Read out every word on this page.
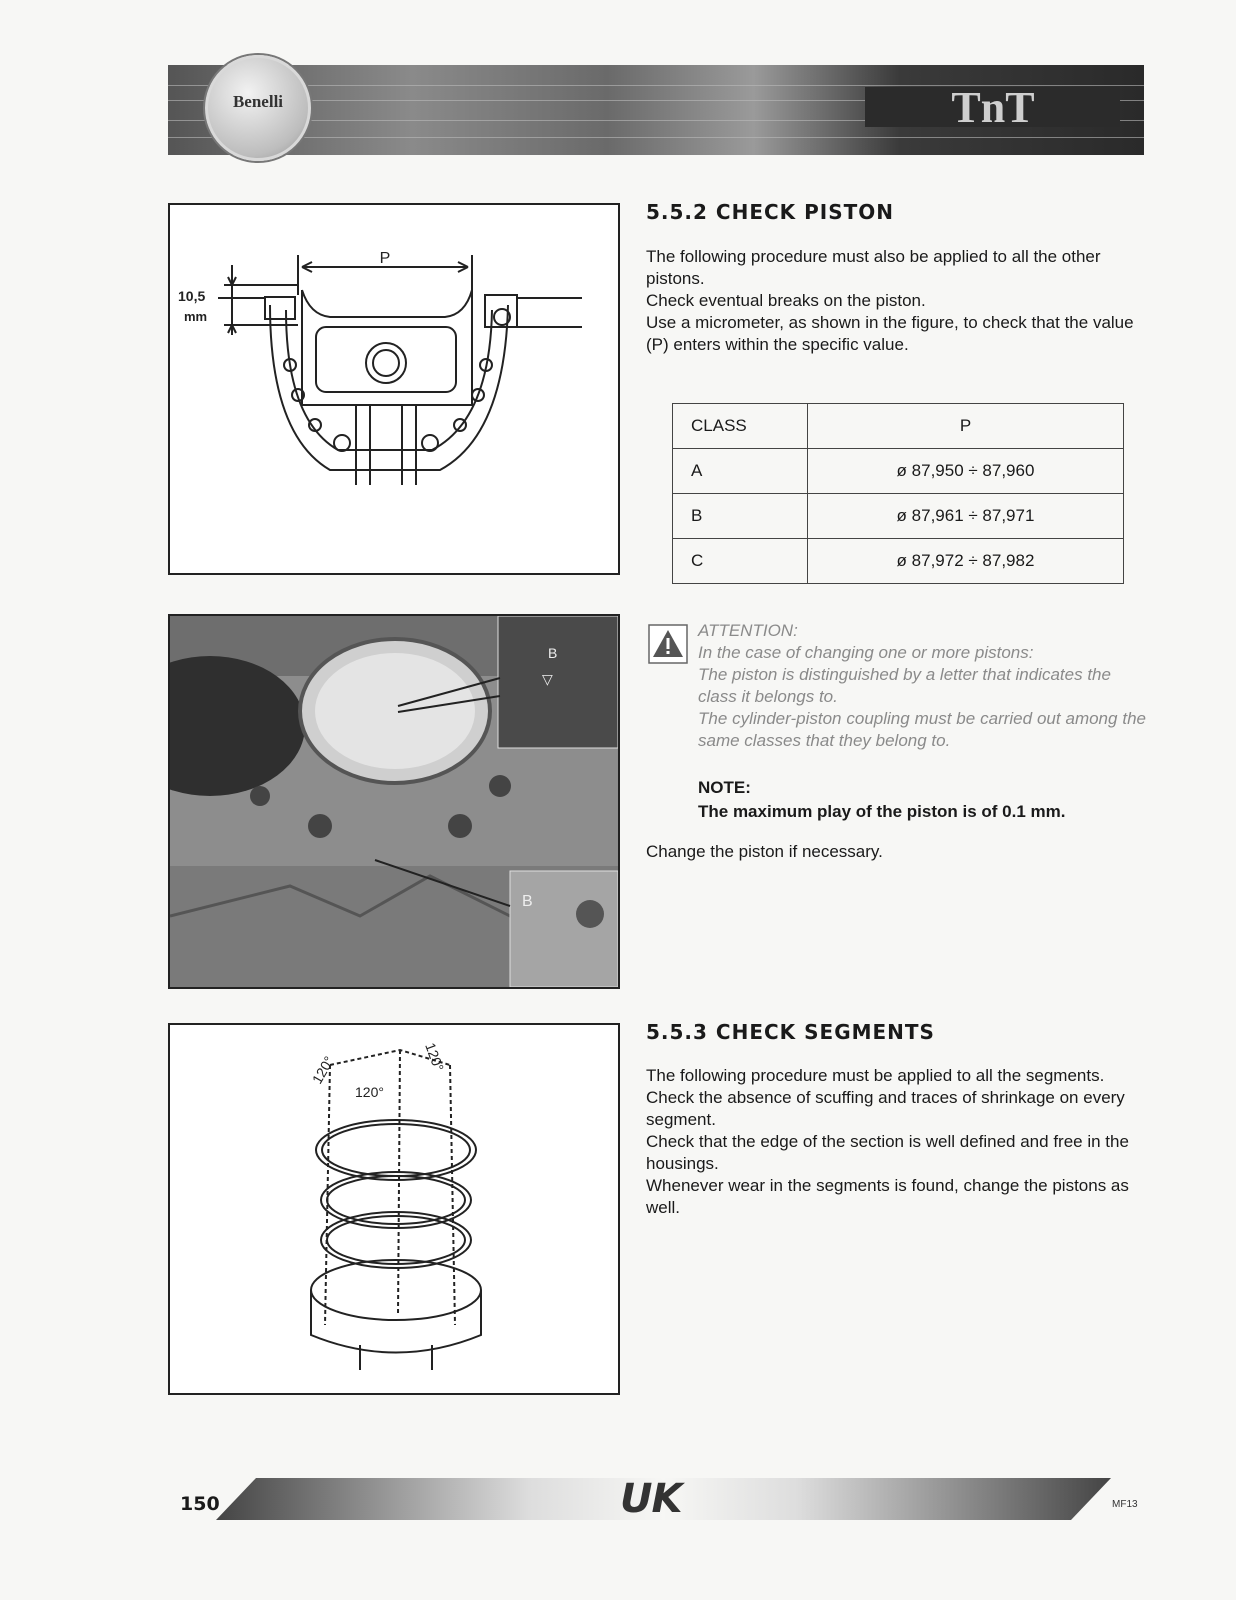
Benelli	TnT
P
10,5
mm
B
▽
B
120°	120°
120°
5.5.2 CHECK PISTON
The following procedure must also be applied to all the other pistons.
Check eventual breaks on the piston.
Use a micrometer, as shown in the figure, to check that the value (P) enters within the specific value.
CLASS	P
A	ø 87,950 ÷ 87,960
B	ø 87,961 ÷ 87,971
C	ø 87,972 ÷ 87,982
ATTENTION:
In the case of changing one or more pistons:
The piston is distinguished by a letter that indicates the class it belongs to.
The cylinder-piston coupling must be carried out among the same classes that they belong to.
NOTE:
The maximum play of the piston is of 0.1 mm.
Change the piston if necessary.
5.5.3 CHECK SEGMENTS
The following procedure must be applied to all the segments.
Check the absence of scuffing and traces of shrinkage on every segment.
Check that the edge of the section is well defined and free in the housings.
Whenever wear in the segments is found, change the pistons as well.
150	UK	MF13
